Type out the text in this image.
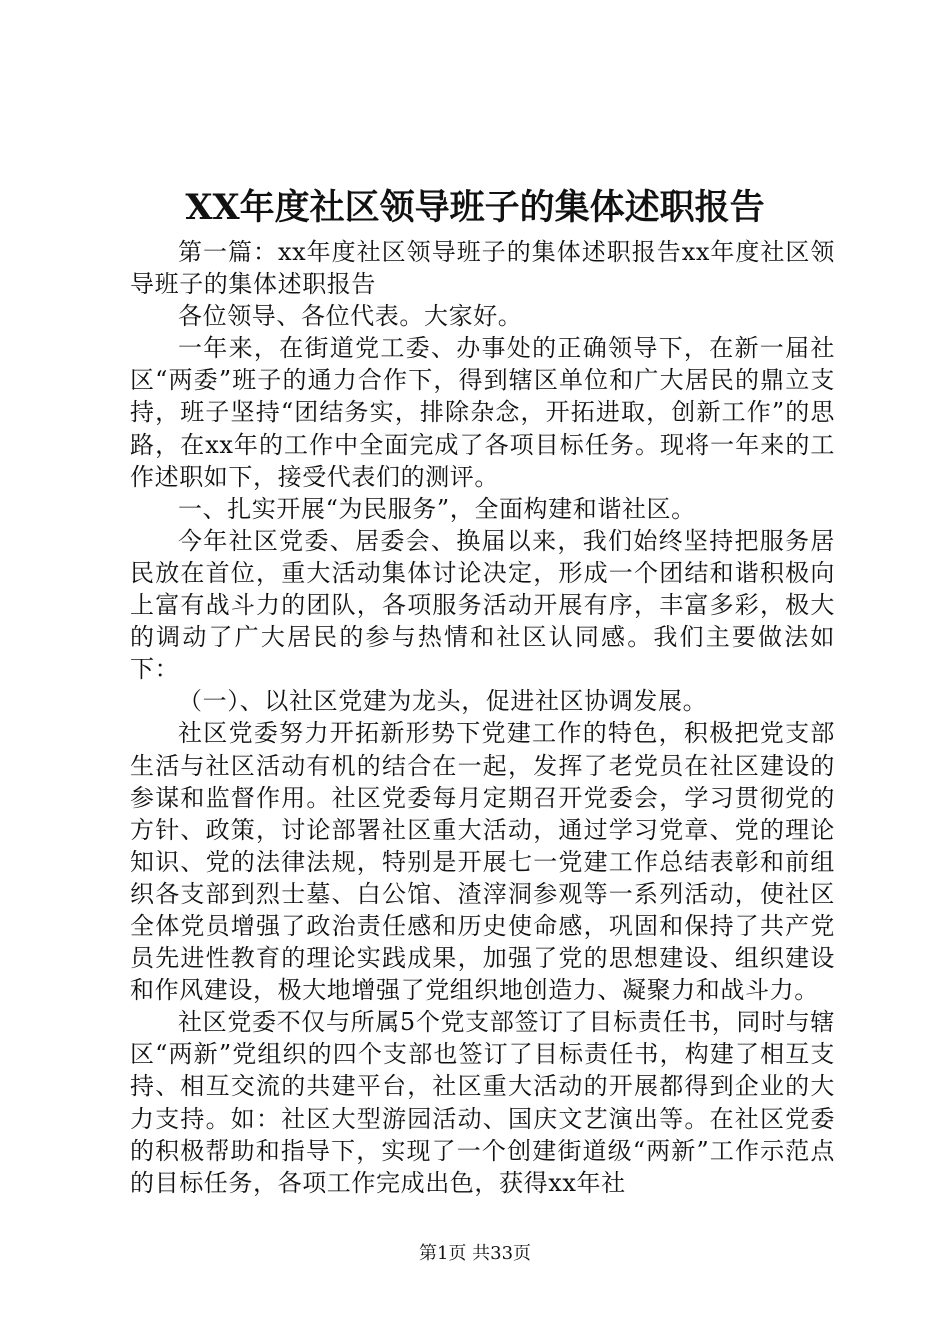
XX年度社区领导班子的集体述职报告

第一篇：xx年度社区领导班子的集体述职报告xx年度社区领导班子的集体述职报告

各位领导、各位代表。大家好。

一年来，在街道党工委、办事处的正确领导下，在新一届社区“两委”班子的通力合作下，得到辖区单位和广大居民的鼎立支持，班子坚持“团结务实，排除杂念，开拓进取，创新工作”的思路，在xx年的工作中全面完成了各项目标任务。现将一年来的工作述职如下，接受代表们的测评。

一、扎实开展“为民服务”，全面构建和谐社区。

今年社区党委、居委会、换届以来，我们始终坚持把服务居民放在首位，重大活动集体讨论决定，形成一个团结和谐积极向上富有战斗力的团队，各项服务活动开展有序，丰富多彩，极大的调动了广大居民的参与热情和社区认同感。我们主要做法如下：

（一）、以社区党建为龙头，促进社区协调发展。

社区党委努力开拓新形势下党建工作的特色，积极把党支部生活与社区活动有机的结合在一起，发挥了老党员在社区建设的参谋和监督作用。社区党委每月定期召开党委会，学习贯彻党的方针、政策，讨论部署社区重大活动，通过学习党章、党的理论知识、党的法律法规，特别是开展七一党建工作总结表彰和前组织各支部到烈士墓、白公馆、渣滓洞参观等一系列活动，使社区全体党员增强了政治责任感和历史使命感，巩固和保持了共产党员先进性教育的理论实践成果，加强了党的思想建设、组织建设和作风建设，极大地增强了党组织地创造力、凝聚力和战斗力。

社区党委不仅与所属5个党支部签订了目标责任书，同时与辖区“两新”党组织的四个支部也签订了目标责任书，构建了相互支持、相互交流的共建平台，社区重大活动的开展都得到企业的大力支持。如：社区大型游园活动、国庆文艺演出等。在社区党委的积极帮助和指导下，实现了一个创建街道级“两新”工作示范点的目标任务，各项工作完成出色，获得xx年社

第1页 共33页
